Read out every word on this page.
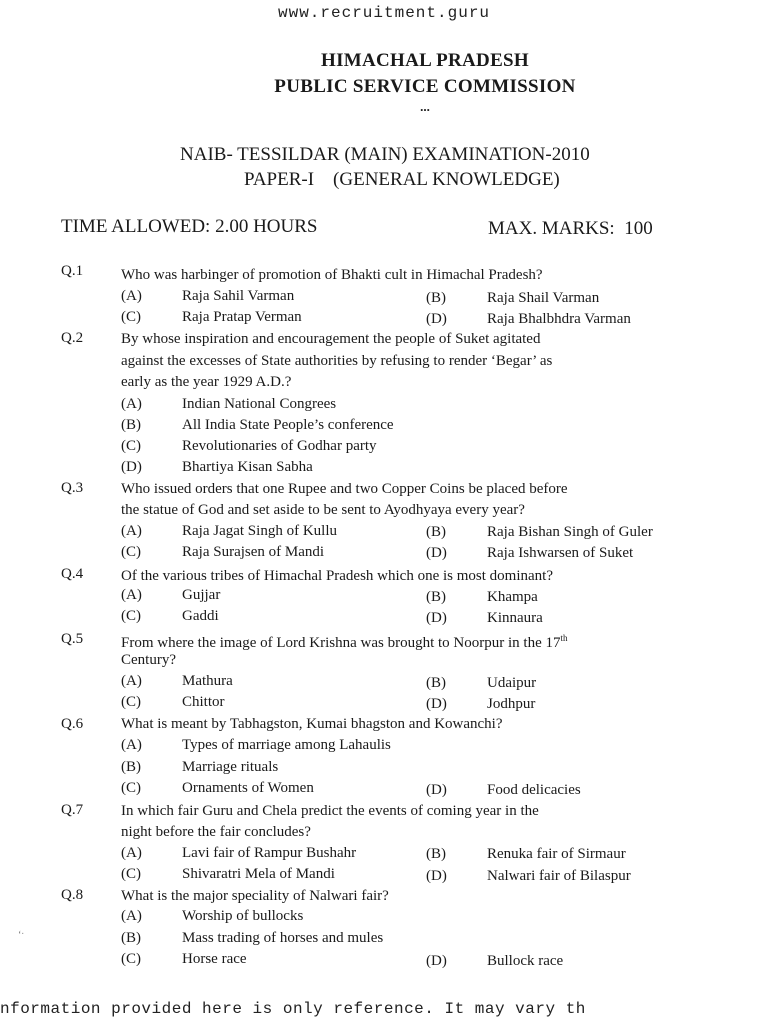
www.recruitment.guru
HIMACHAL PRADESH
PUBLIC SERVICE COMMISSION
...
NAIB- TESSILDAR (MAIN) EXAMINATION-2010
PAPER-I    (GENERAL KNOWLEDGE)
TIME ALLOWED: 2.00 HOURS	MAX. MARKS:  100
Q.1	Who was harbinger of promotion of Bhakti cult in Himachal Pradesh?
(A)	Raja Sahil Varman	(B)	Raja Shail Varman
(C)	Raja Pratap Verman	(D)	Raja Bhalbhdra Varman
Q.2	By whose inspiration and encouragement the people of Suket agitated
against the excesses of State authorities by refusing to render ‘Begar’ as
early as the year 1929 A.D.?
(A)	Indian National Congrees
(B)	All India State People’s conference
(C)	Revolutionaries of Godhar party
(D)	Bhartiya Kisan Sabha
Q.3	Who issued orders that one Rupee and two Copper Coins be placed before
the statue of God and set aside to be sent to Ayodhyaya every year?
(A)	Raja Jagat Singh of Kullu	(B)	Raja Bishan Singh of Guler
(C)	Raja Surajsen of Mandi	(D)	Raja Ishwarsen of Suket
Q.4	Of the various tribes of Himachal Pradesh which one is most dominant?
(A)	Gujjar	(B)	Khampa
(C)	Gaddi	(D)	Kinnaura
Q.5	From where the image of Lord Krishna was brought to Noorpur in the 17th
Century?
(A)	Mathura	(B)	Udaipur
(C)	Chittor	(D)	Jodhpur
Q.6	What is meant by Tabhagston, Kumai bhagston and Kowanchi?
(A)	Types of marriage among Lahaulis
(B)	Marriage rituals
(C)	Ornaments of Women	(D)	Food delicacies
Q.7	In which fair Guru and Chela predict the events of coming year in the
night before the fair concludes?
(A)	Lavi fair of Rampur Bushahr	(B)	Renuka fair of Sirmaur
(C)	Shivaratri Mela of Mandi	(D)	Nalwari fair of Bilaspur
Q.8	What is the major speciality of Nalwari fair?
(A)	Worship of bullocks
(B)	Mass trading of horses and mules
(C)	Horse race	(D)	Bullock race
‘ˑ
nformation provided here is only reference. It may vary th
